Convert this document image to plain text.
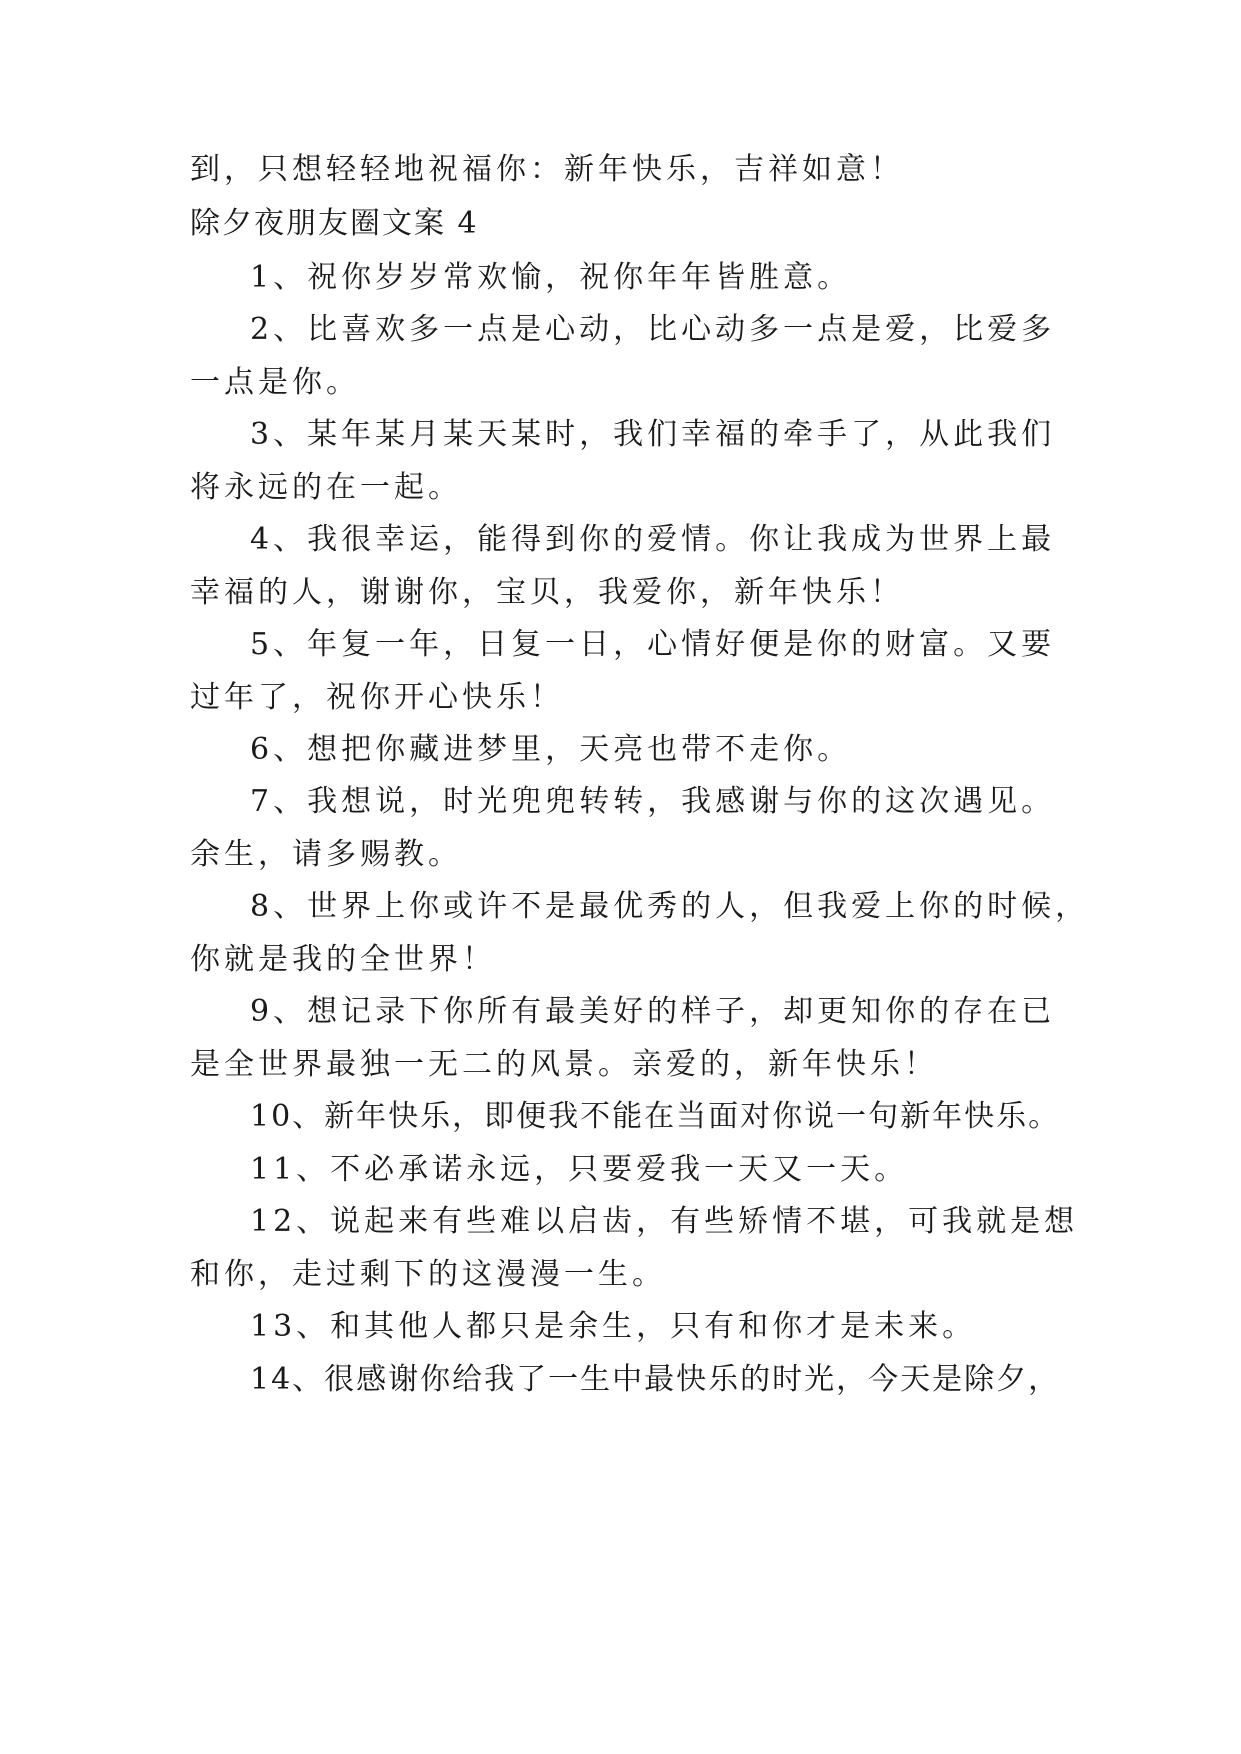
到，只想轻轻地祝福你：新年快乐，吉祥如意！
除夕夜朋友圈文案 4
1、祝你岁岁常欢愉，祝你年年皆胜意。
2、比喜欢多一点是心动，比心动多一点是爱，比爱多
一点是你。
3、某年某月某天某时，我们幸福的牵手了，从此我们
将永远的在一起。
4、我很幸运，能得到你的爱情。你让我成为世界上最
幸福的人，谢谢你，宝贝，我爱你，新年快乐！
5、年复一年，日复一日，心情好便是你的财富。又要
过年了，祝你开心快乐！
6、想把你藏进梦里，天亮也带不走你。
7、我想说，时光兜兜转转，我感谢与你的这次遇见。
余生，请多赐教。
8、世界上你或许不是最优秀的人，但我爱上你的时候，
你就是我的全世界！
9、想记录下你所有最美好的样子，却更知你的存在已
是全世界最独一无二的风景。亲爱的，新年快乐！
10、新年快乐，即便我不能在当面对你说一句新年快乐。
11、不必承诺永远，只要爱我一天又一天。
12、说起来有些难以启齿，有些矫情不堪，可我就是想
和你，走过剩下的这漫漫一生。
13、和其他人都只是余生，只有和你才是未来。
14、很感谢你给我了一生中最快乐的时光，今天是除夕，
